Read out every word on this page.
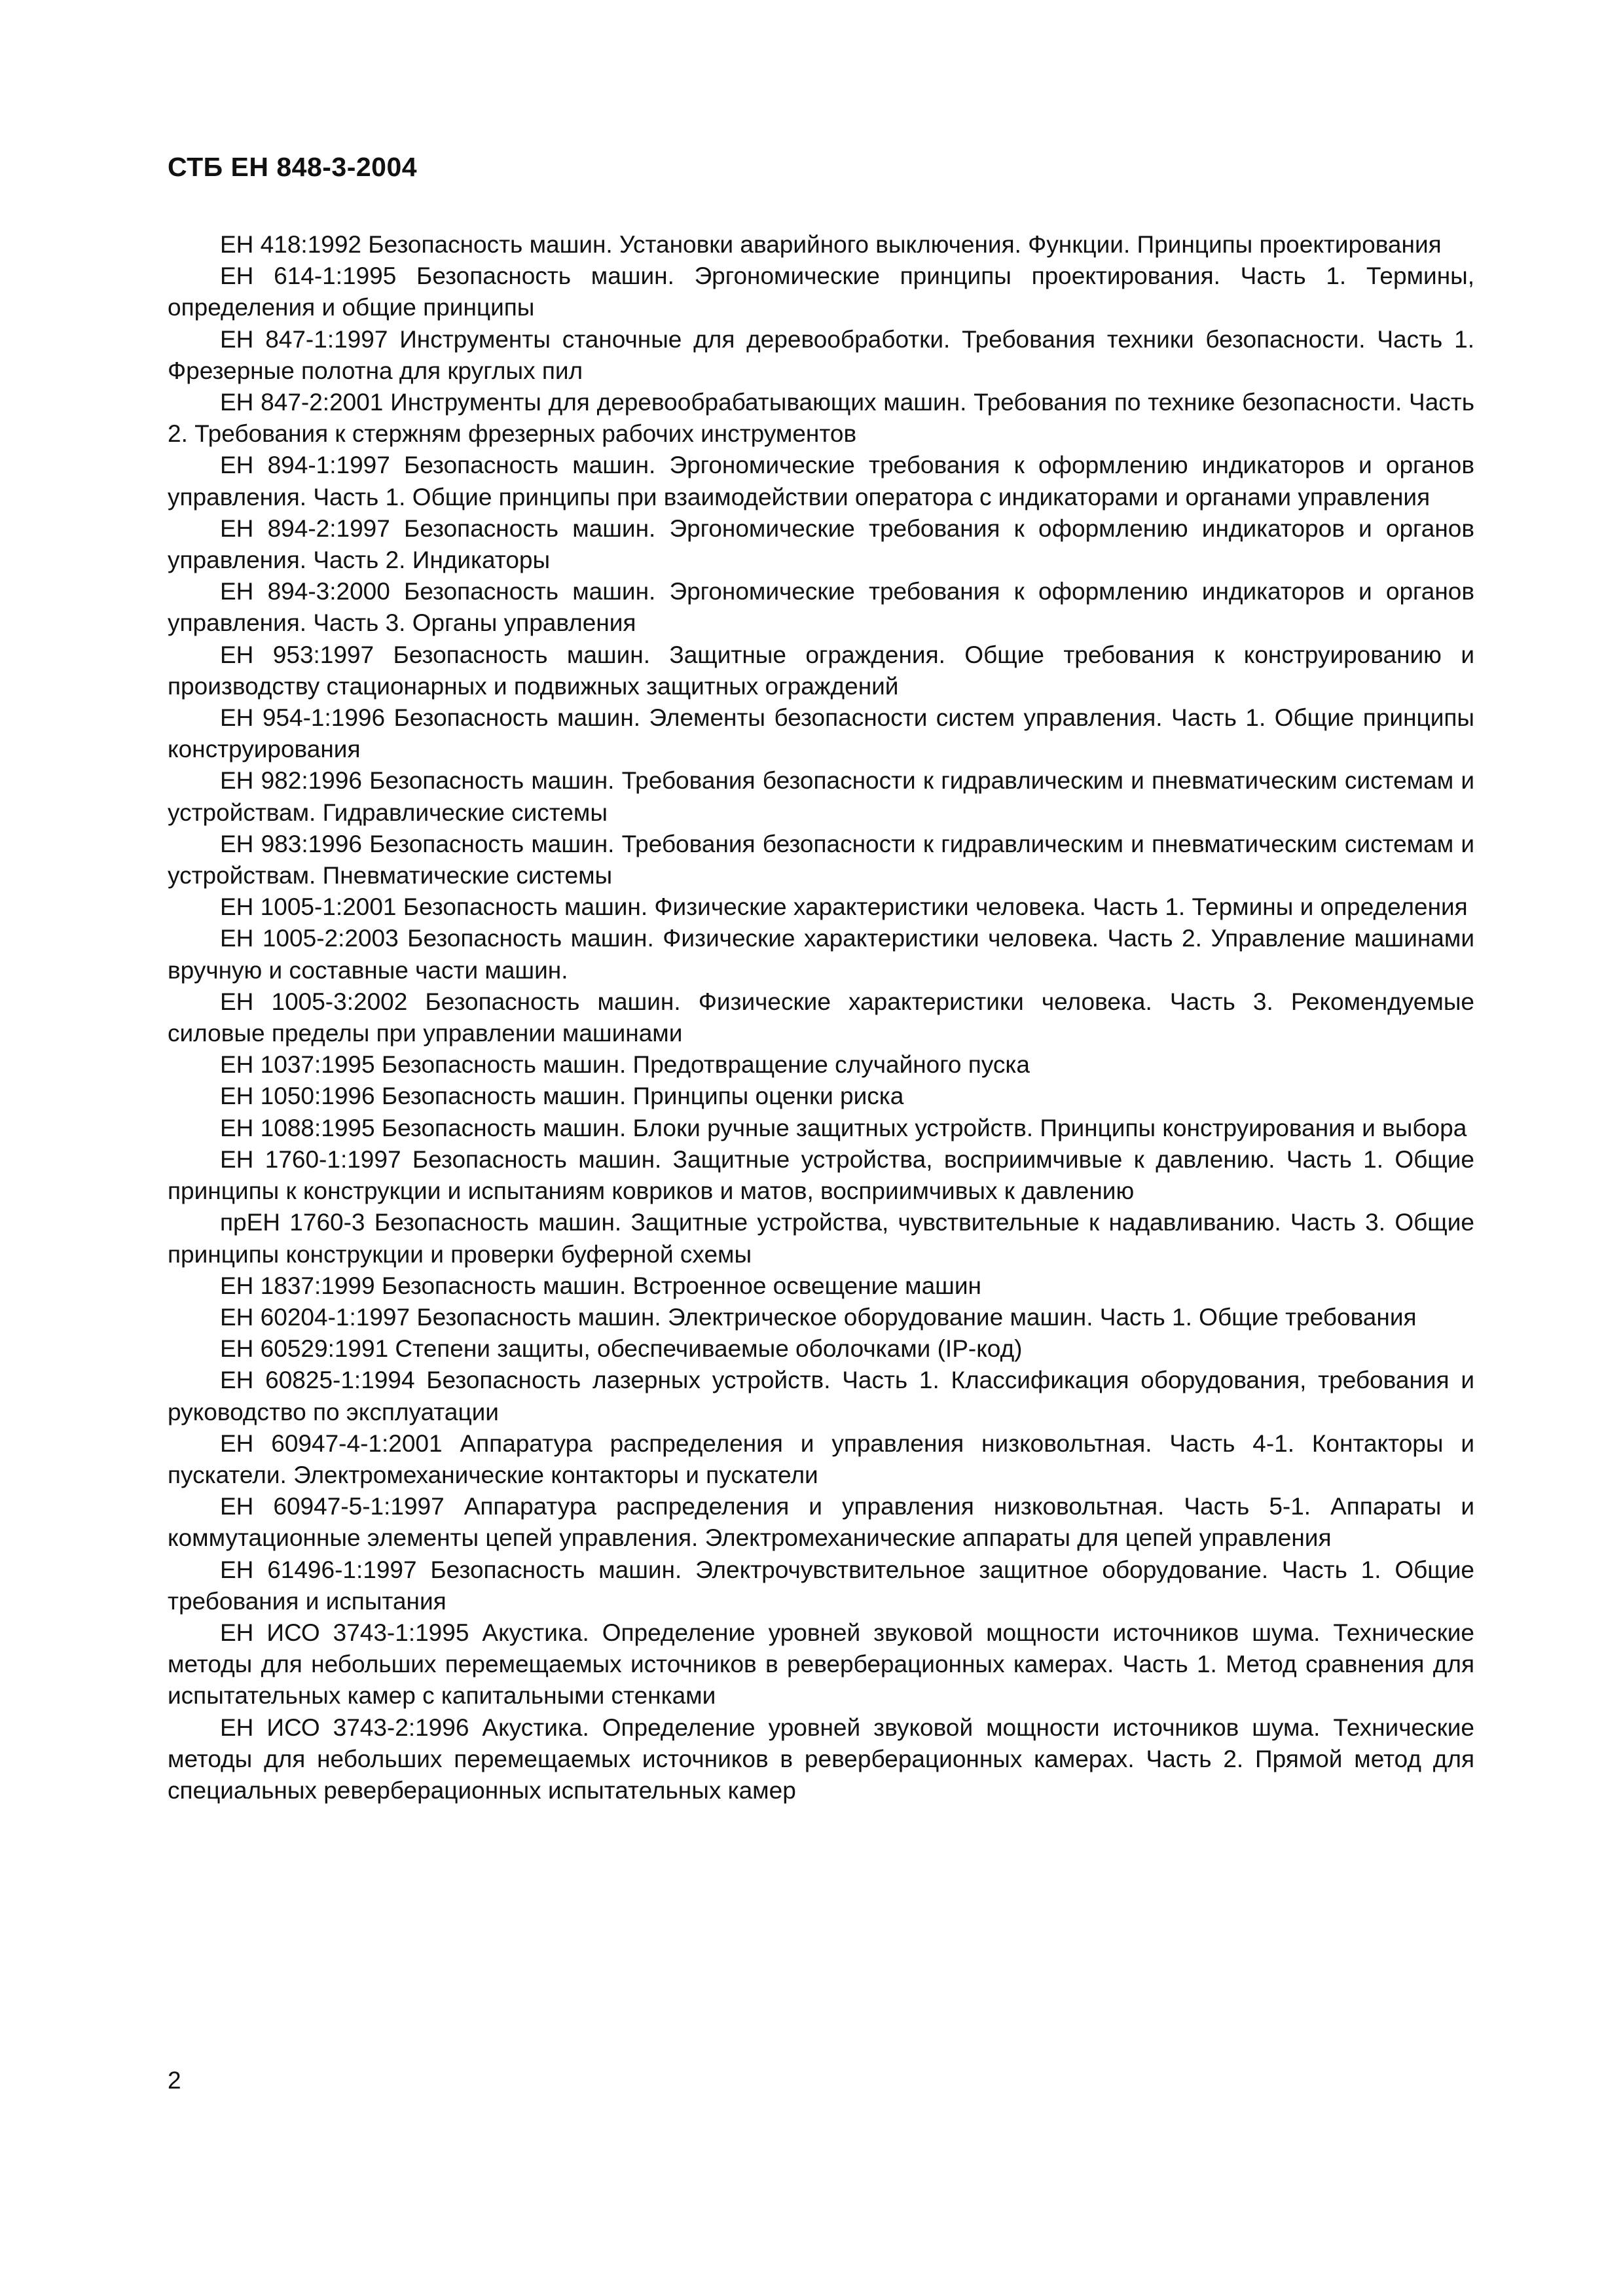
СТБ ЕН 848-3-2004

ЕН 418:1992 Безопасность машин. Установки аварийного выключения. Функции. Принципы проектирования

ЕН 614-1:1995 Безопасность машин. Эргономические принципы проектирования. Часть 1. Термины, определения и общие принципы

ЕН 847-1:1997 Инструменты станочные для деревообработки. Требования техники безопасности. Часть 1. Фрезерные полотна для круглых пил

ЕН 847-2:2001 Инструменты для деревообрабатывающих машин. Требования по технике безопасности. Часть 2. Требования к стержням фрезерных рабочих инструментов

ЕН 894-1:1997 Безопасность машин. Эргономические требования к оформлению индикаторов и органов управления. Часть 1. Общие принципы при взаимодействии оператора с индикаторами и органами управления

ЕН 894-2:1997 Безопасность машин. Эргономические требования к оформлению индикаторов и органов управления. Часть 2. Индикаторы

ЕН 894-3:2000 Безопасность машин. Эргономические требования к оформлению индикаторов и органов управления. Часть 3. Органы управления

ЕН 953:1997 Безопасность машин. Защитные ограждения. Общие требования к конструированию и производству стационарных и подвижных защитных ограждений

ЕН 954-1:1996 Безопасность машин. Элементы безопасности систем управления. Часть 1. Общие принципы конструирования

ЕН 982:1996 Безопасность машин. Требования безопасности к гидравлическим и пневматическим системам и устройствам. Гидравлические системы

ЕН 983:1996 Безопасность машин. Требования безопасности к гидравлическим и пневматическим системам и устройствам. Пневматические системы

ЕН 1005-1:2001 Безопасность машин. Физические характеристики человека. Часть 1. Термины и определения

ЕН 1005-2:2003 Безопасность машин. Физические характеристики человека. Часть 2. Управление машинами вручную и составные части машин.

ЕН 1005-3:2002 Безопасность машин. Физические характеристики человека. Часть 3. Рекомендуемые силовые пределы при управлении машинами

ЕН 1037:1995 Безопасность машин. Предотвращение случайного пуска

ЕН 1050:1996 Безопасность машин. Принципы оценки риска

ЕН 1088:1995 Безопасность машин. Блоки ручные защитных устройств. Принципы конструирования и выбора

ЕН 1760-1:1997 Безопасность машин. Защитные устройства, восприимчивые к давлению. Часть 1. Общие принципы к конструкции и испытаниям ковриков и матов, восприимчивых к давлению

прЕН 1760-3 Безопасность машин. Защитные устройства, чувствительные к надавливанию. Часть 3. Общие принципы конструкции и проверки буферной схемы

ЕН 1837:1999 Безопасность машин. Встроенное освещение машин

ЕН 60204-1:1997 Безопасность машин. Электрическое оборудование машин. Часть 1. Общие требования

ЕН 60529:1991 Степени защиты, обеспечиваемые оболочками (IP-код)

ЕН 60825-1:1994 Безопасность лазерных устройств. Часть 1. Классификация оборудования, требования и руководство по эксплуатации

ЕН 60947-4-1:2001 Аппаратура распределения и управления низковольтная. Часть 4-1. Контакторы и пускатели. Электромеханические контакторы и пускатели

ЕН 60947-5-1:1997 Аппаратура распределения и управления низковольтная. Часть 5-1. Аппараты и коммутационные элементы цепей управления. Электромеханические аппараты для цепей управления

ЕН 61496-1:1997 Безопасность машин. Электрочувствительное защитное оборудование. Часть 1. Общие требования и испытания

ЕН ИСО 3743-1:1995 Акустика. Определение уровней звуковой мощности источников шума. Технические методы для небольших перемещаемых источников в реверберационных камерах. Часть 1. Метод сравнения для испытательных камер с капитальными стенками

ЕН ИСО 3743-2:1996 Акустика. Определение уровней звуковой мощности источников шума. Технические методы для небольших перемещаемых источников в реверберационных камерах. Часть 2. Прямой метод для специальных реверберационных испытательных камер

2
